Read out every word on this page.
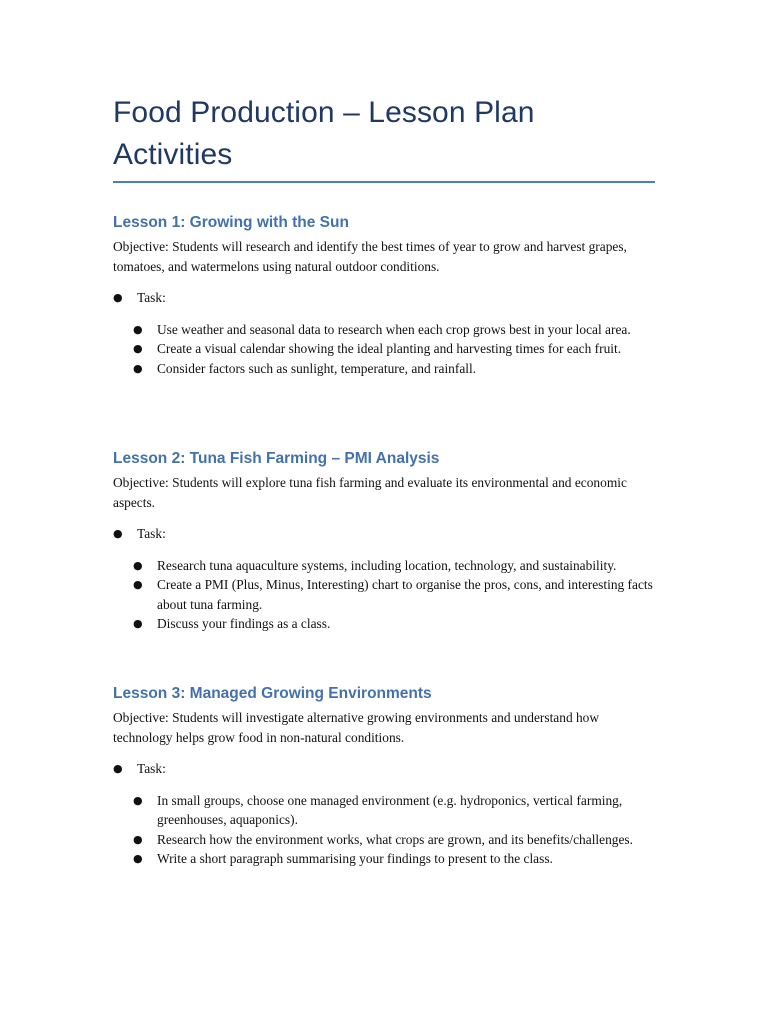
Food Production – Lesson Plan
Activities
Lesson 1: Growing with the Sun

Objective: Students will research and identify the best times of year to grow and harvest grapes, tomatoes, and watermelons using natural outdoor conditions.

● Task:
● Use weather and seasonal data to research when each crop grows best in your local area.
● Create a visual calendar showing the ideal planting and harvesting times for each fruit.
● Consider factors such as sunlight, temperature, and rainfall.
Lesson 2: Tuna Fish Farming – PMI Analysis

Objective: Students will explore tuna fish farming and evaluate its environmental and economic aspects.

● Task:
● Research tuna aquaculture systems, including location, technology, and sustainability.
● Create a PMI (Plus, Minus, Interesting) chart to organise the pros, cons, and interesting facts about tuna farming.
● Discuss your findings as a class.
Lesson 3: Managed Growing Environments

Objective: Students will investigate alternative growing environments and understand how technology helps grow food in non-natural conditions.

● Task:
● In small groups, choose one managed environment (e.g. hydroponics, vertical farming, greenhouses, aquaponics).
● Research how the environment works, what crops are grown, and its benefits/challenges.
● Write a short paragraph summarising your findings to present to the class.
